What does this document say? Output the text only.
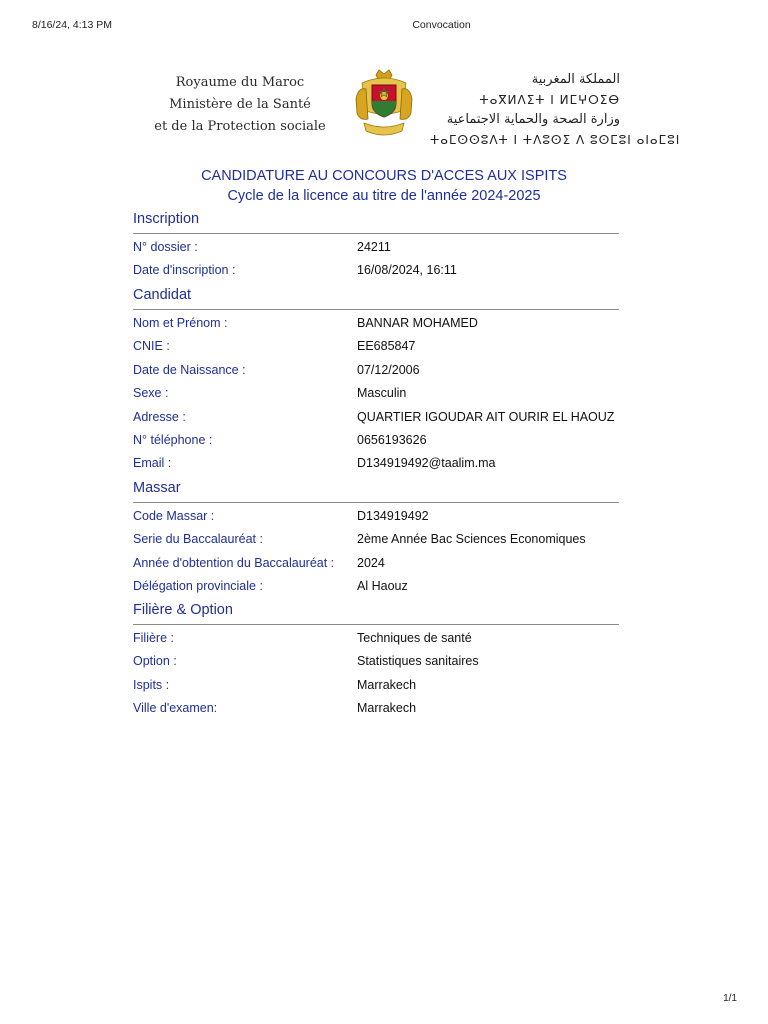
8/16/24, 4:13 PM	Convocation
Royaume du Maroc
Ministère de la Santé
et de la Protection sociale
المملكة المغربية
ⵜⴰⴳⵍⴷⵉⵜ ⵏ ⵍⵎⵖⵔⵉⴱ
وزارة الصحة والحماية الاجتماعية
ⵜⴰⵎⵙⵙⵓⴷⵜ ⵏ ⵜⴷⵓⵙⵉ ⴷ ⵓⵙⵎⵓⵏ ⴰⵏⴰⵎⵓⵏ
CANDIDATURE AU CONCOURS D'ACCES AUX ISPITS
Cycle de la licence au titre de l'année 2024-2025
Inscription
N° dossier :	24211
Date d'inscription :	16/08/2024, 16:11
Candidat
Nom et Prénom :	BANNAR MOHAMED
CNIE :	EE685847
Date de Naissance :	07/12/2006
Sexe :	Masculin
Adresse :	QUARTIER IGOUDAR AIT OURIR EL HAOUZ
N° téléphone :	0656193626
Email :	D134919492@taalim.ma
Massar
Code Massar :	D134919492
Serie du Baccalauréat :	2ème Année Bac Sciences Economiques
Année d'obtention du Baccalauréat : 2024
Délégation provinciale :	Al Haouz
Filière & Option
Filière :	Techniques de santé
Option :	Statistiques sanitaires
Ispits :	Marrakech
Ville d'examen:	Marrakech
1/1
